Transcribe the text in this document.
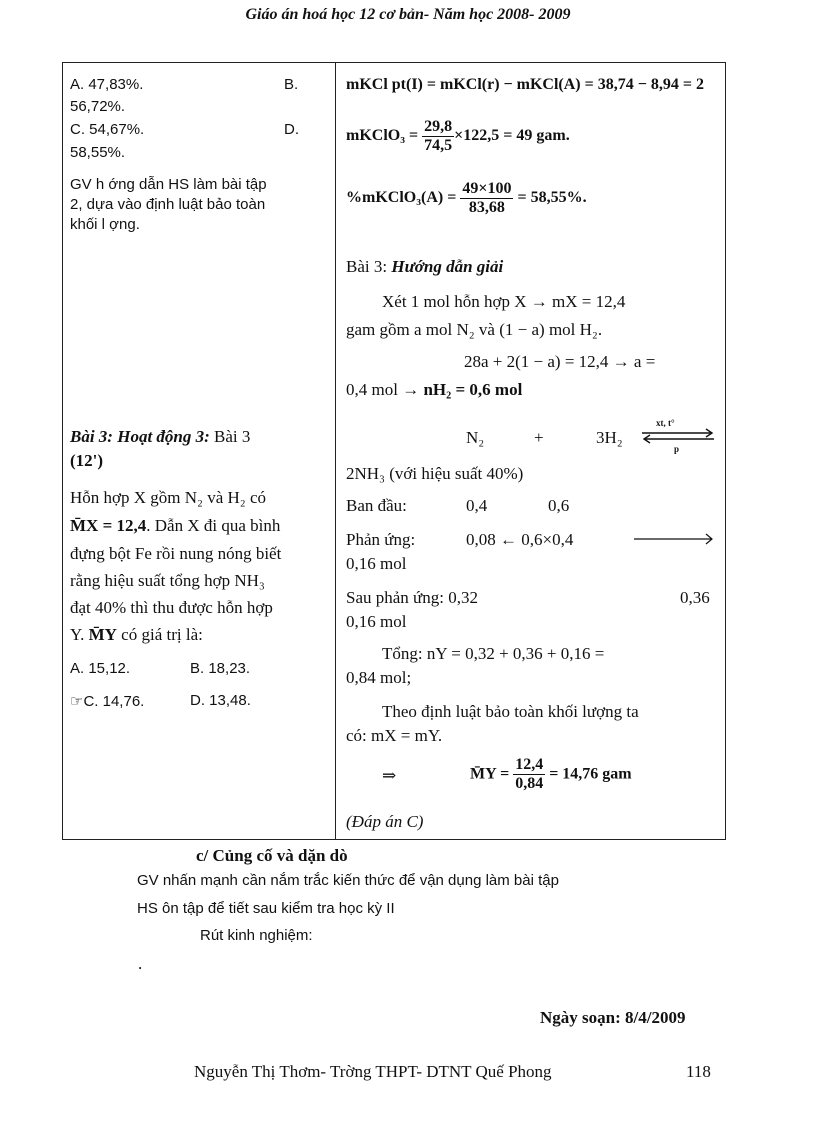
Giáo án hoá học 12 cơ bản- Năm học 2008- 2009
A. 47,83%.	B.
56,72%.
C. 54,67%.	D.
58,55%.
GV h ớng dẫn HS làm bài tập
2, dựa vào định luật bảo toàn
khối l ợng.
Bài 3: Hoạt động 3: Bài 3
(12')
Hỗn hợp X gồm N₂ và H₂ có
M̄X = 12,4. Dẫn X đi qua bình
đựng bột Fe rồi nung nóng biết
rằng hiệu suất tổng hợp NH₃
đạt 40% thì thu được hỗn hợp
Y. M̄Y có giá trị là:
A. 15,12.	B. 18,23.
☞C. 14,76.	D. 13,48.
mKCl pt(I) = mKCl(r) − mKCl(A) = 38,74 − 8,94 = 2
mKClO₃ = $\frac{29,8}{74,5} \times 122,5 = 49$ gam.
%mKClO₃(A) = $\frac{49\times 100}{83,68} = 58,55\%$.
Bài 3: Hướng dẫn giải
Xét 1 mol hỗn hợp X → mX = 12,4
gam gồm a mol N₂ và (1 − a) mol H₂.
28a + 2(1 − a) = 12,4 → a =
0,4 mol → nH₂ = 0,6 mol
N₂	+	3H₂
xt, t°
p
2NH₃ (với hiệu suất 40%)
Ban đầu:	0,4	0,6
Phản ứng:	0,08 ← 0,6×0,4
0,16 mol
Sau phản ứng: 0,32	0,36
0,16 mol
Tổng: nY = 0,32 + 0,36 + 0,16 =
0,84 mol;
Theo định luật bảo toàn khối lượng ta
có: mX = mY.
⇒	M̄Y = $\frac{12,4}{0,84} = 14,76$ gam
(Đáp án C)
c/ Củng cố và dặn dò
GV nhấn mạnh cần nắm trắc kiến thức để vận dụng làm bài tập
HS ôn tập để tiết sau kiểm tra học kỳ II
Rút kinh nghiệm:
.
Ngày soạn: 8/4/2009
Nguyễn Thị Thơm- Trờng THPT- DTNT Quế Phong	118
